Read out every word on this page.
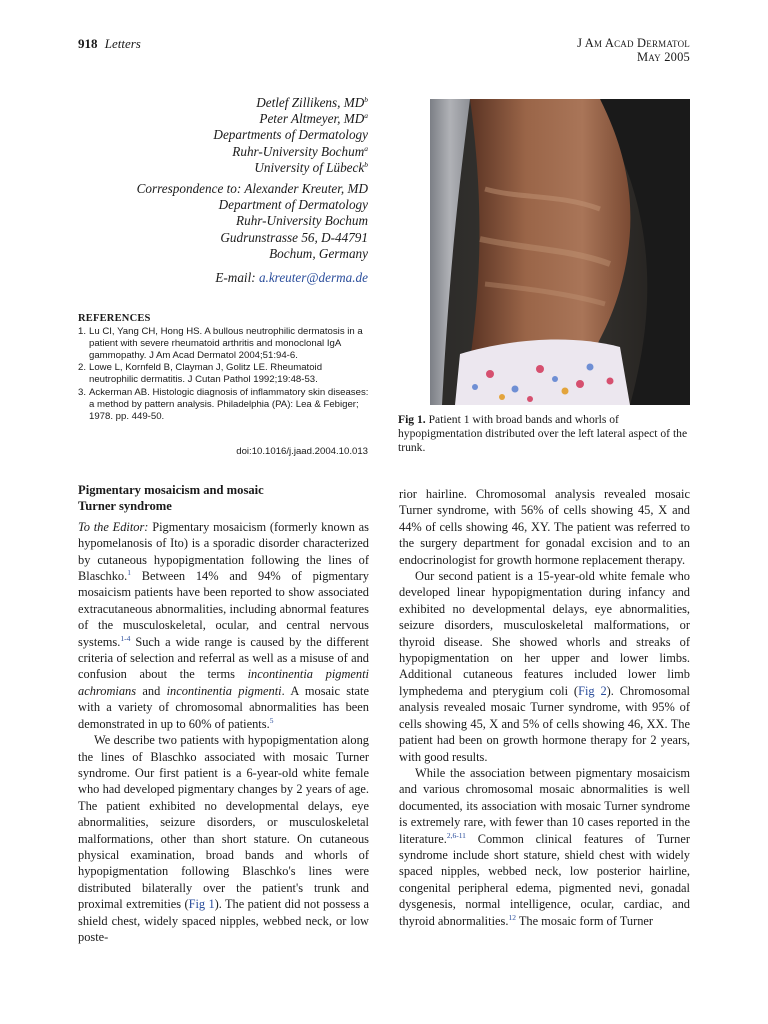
918 Letters	J Am Acad Dermatol
May 2005
Detlef Zillikens, $MD^b$
Peter Altmeyer, $MD^a$
Departments of Dermatology
Ruhr-University Bochum$^a$
University of Lübeck$^b$
Correspondence to: Alexander Kreuter, MD
Department of Dermatology
Ruhr-University Bochum
Gudrunstrasse 56, D-44791
Bochum, Germany
E-mail: a.kreuter@derma.de
REFERENCES
1. Lu CI, Yang CH, Hong HS. A bullous neutrophilic dermatosis in a patient with severe rheumatoid arthritis and monoclonal IgA gammopathy. J Am Acad Dermatol 2004;51:94-6.
2. Lowe L, Kornfeld B, Clayman J, Golitz LE. Rheumatoid neutrophilic dermatitis. J Cutan Pathol 1992;19:48-53.
3. Ackerman AB. Histologic diagnosis of inflammatory skin diseases: a method by pattern analysis. Philadelphia (PA): Lea & Febiger; 1978. pp. 449-50.
doi:10.1016/j.jaad.2004.10.013
Fig 1. Patient 1 with broad bands and whorls of hypopigmentation distributed over the left lateral aspect of the trunk.

Pigmentary mosaicism and mosaic
Turner syndrome

To the Editor: Pigmentary mosaicism (formerly known as hypomelanosis of Ito) is a sporadic disorder characterized by cutaneous hypopigmentation following the lines of Blaschko.$^1$ Between 14% and 94% of pigmentary mosaicism patients have been reported to show associated extracutaneous abnormalities, including abnormal features of the musculoskeletal, ocular, and central nervous systems.$^{1-4}$ Such a wide range is caused by the different criteria of selection and referral as well as a misuse of and confusion about the terms incontinentia pigmenti achromians and incontinentia pigmenti. A mosaic state with a variety of chromosomal abnormalities has been demonstrated in up to 60% of patients.$^5$

We describe two patients with hypopigmentation along the lines of Blaschko associated with mosaic Turner syndrome. Our first patient is a 6-year-old white female who had developed pigmentary changes by 2 years of age. The patient exhibited no developmental delays, eye abnormalities, seizure disorders, or musculoskeletal malformations, other than short stature. On cutaneous physical examination, broad bands and whorls of hypopigmentation following Blaschko's lines were distributed bilaterally over the patient's trunk and proximal extremities (Fig 1). The patient did not possess a shield chest, widely spaced nipples, webbed neck, or low poste-

rior hairline. Chromosomal analysis revealed mosaic Turner syndrome, with 56% of cells showing 45, X and 44% of cells showing 46, XY. The patient was referred to the surgery department for gonadal excision and to an endocrinologist for growth hormone replacement therapy.

Our second patient is a 15-year-old white female who developed linear hypopigmentation during infancy and exhibited no developmental delays, eye abnormalities, seizure disorders, musculoskeletal malformations, or thyroid disease. She showed whorls and streaks of hypopigmentation on her upper and lower limbs. Additional cutaneous features included lower limb lymphedema and pterygium coli (Fig 2). Chromosomal analysis revealed mosaic Turner syndrome, with 95% of cells showing 45, X and 5% of cells showing 46, XX. The patient had been on growth hormone therapy for 2 years, with good results.

While the association between pigmentary mosaicism and various chromosomal mosaic abnormalities is well documented, its association with mosaic Turner syndrome is extremely rare, with fewer than 10 cases reported in the literature.$^{2,6-11}$ Common clinical features of Turner syndrome include short stature, shield chest with widely spaced nipples, webbed neck, low posterior hairline, congenital peripheral edema, pigmented nevi, gonadal dysgenesis, normal intelligence, ocular, cardiac, and thyroid abnormalities.$^{12}$ The mosaic form of Turner
